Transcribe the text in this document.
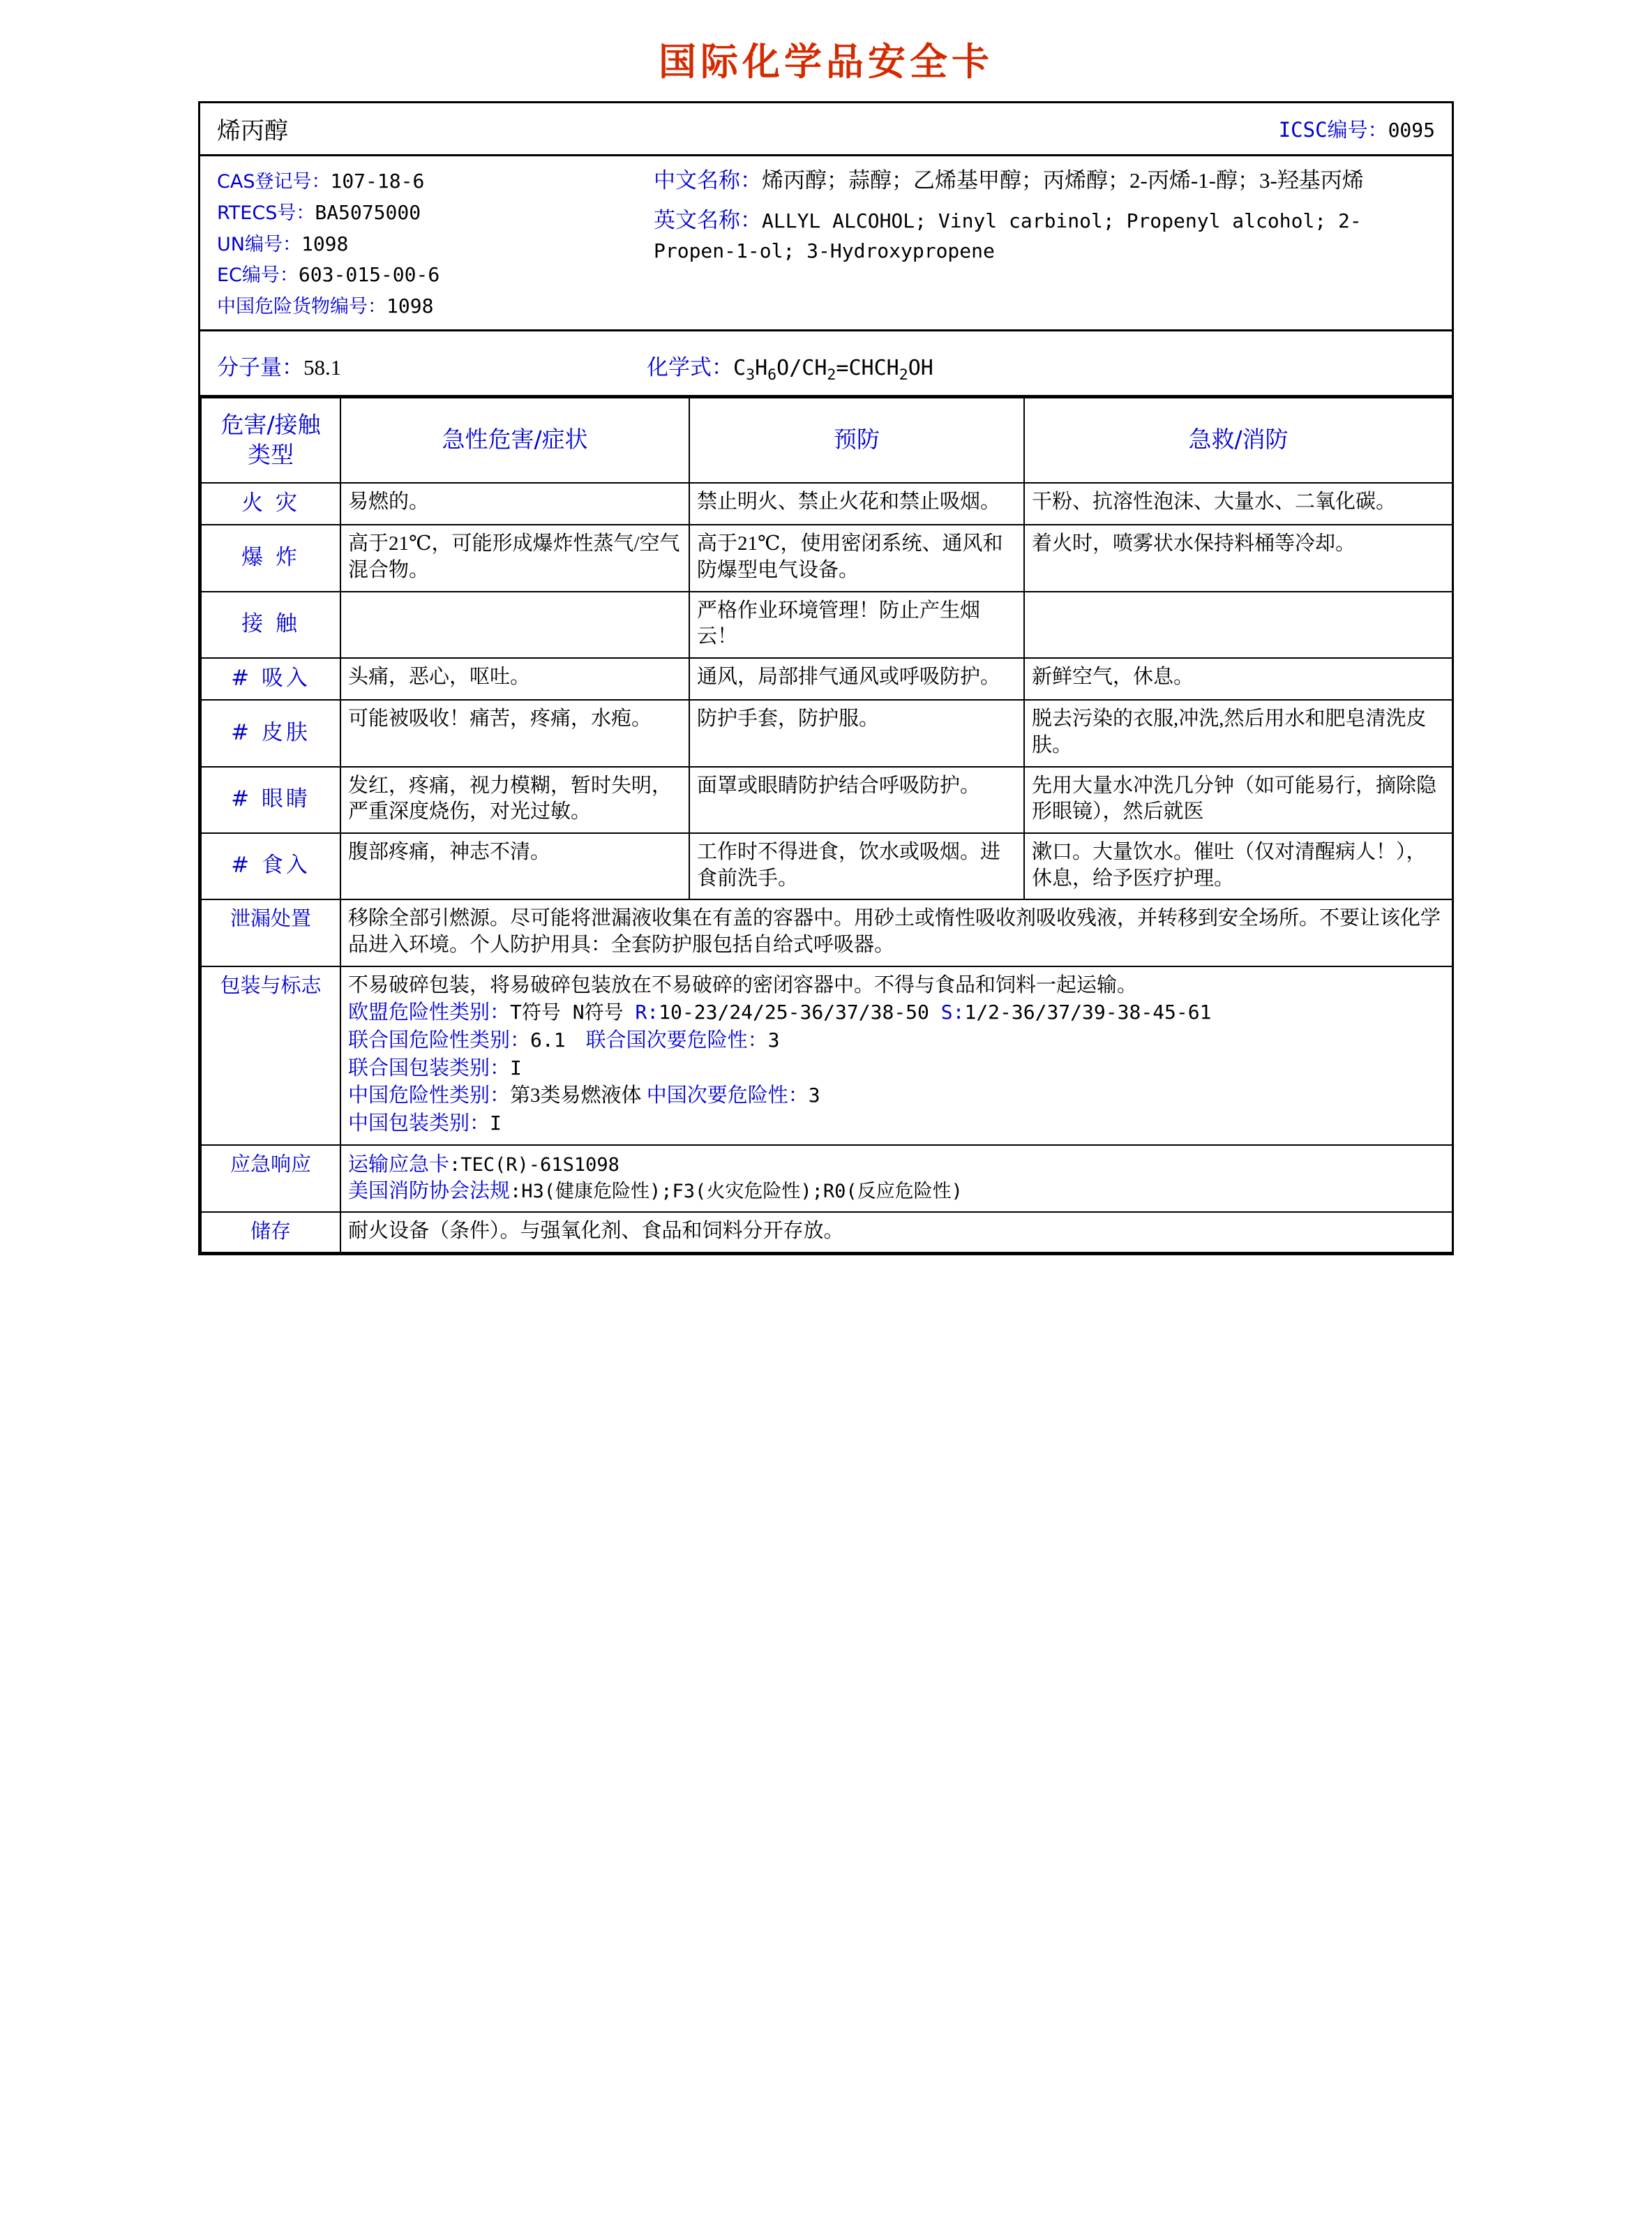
国际化学品安全卡
烯丙醇	ICSC编号：0095
CAS登记号：107-18-6
RTECS号：BA5075000
UN编号：1098
EC编号：603-015-00-6
中国危险货物编号：1098
中文名称：烯丙醇；蒜醇；乙烯基甲醇；丙烯醇；2-丙烯-1-醇；3-羟基丙烯
英文名称：ALLYL ALCOHOL; Vinyl carbinol; Propenyl alcohol; 2-Propen-1-ol; 3-Hydroxypropene
分子量：58.1	化学式：$C_3H_6O/CH_2=CHCH_2OH$
危害/接触
类型	急性危害/症状	预防	急救/消防
火 灾	易燃的。	禁止明火、禁止火花和禁止吸烟。	干粉、抗溶性泡沫、大量水、二氧化碳。
爆 炸	高于21℃，可能形成爆炸性蒸气/空气混合物。	高于21℃，使用密闭系统、通风和防爆型电气设备。	着火时，喷雾状水保持料桶等冷却。
接 触		严格作业环境管理！防止产生烟云！	
# 吸入	头痛，恶心，呕吐。	通风，局部排气通风或呼吸防护。	新鲜空气，休息。
# 皮肤	可能被吸收！痛苦，疼痛，水疱。	防护手套，防护服。	脱去污染的衣服,冲洗,然后用水和肥皂清洗皮肤。
# 眼睛	发红，疼痛，视力模糊，暂时失明，严重深度烧伤，对光过敏。	面罩或眼睛防护结合呼吸防护。	先用大量水冲洗几分钟（如可能易行，摘除隐形眼镜），然后就医
# 食入	腹部疼痛，神志不清。	工作时不得进食，饮水或吸烟。进食前洗手。	漱口。大量饮水。催吐（仅对清醒病人！），休息，给予医疗护理。
泄漏处置	移除全部引燃源。尽可能将泄漏液收集在有盖的容器中。用砂土或惰性吸收剂吸收残液，并转移到安全场所。不要让该化学品进入环境。个人防护用具：全套防护服包括自给式呼吸器。		
包装与标志	不易破碎包装，将易破碎包装放在不易破碎的密闭容器中。不得与食品和饲料一起运输。
欧盟危险性类别：T符号 N符号 R:10-23/24/25-36/37/38-50 S:1/2-36/37/39-38-45-61
联合国危险性类别：6.1 联合国次要危险性：3
联合国包装类别：I
中国危险性类别：第3类易燃液体 中国次要危险性：3
中国包装类别：I

应急响应	运输应急卡:TEC(R)-61S1098
美国消防协会法规:H3(健康危险性);F3(火灾危险性);R0(反应危险性)		

储存	耐火设备（条件）。与强氧化剂、食品和饲料分开存放。		
